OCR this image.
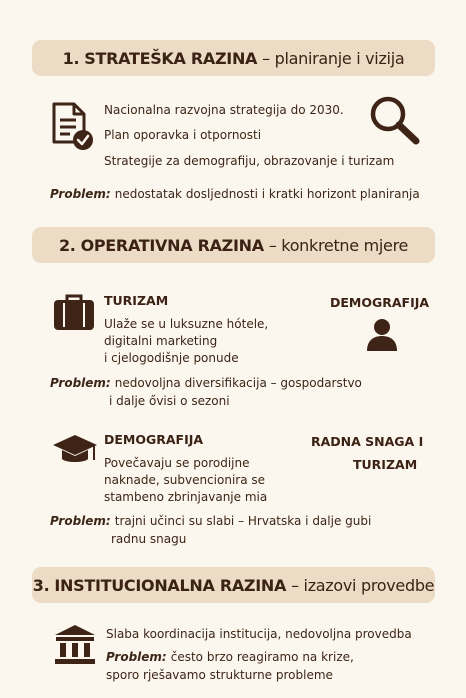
1. STRATEŠKA RAZINA – planiranje i vizija
Nacionalna razvojna strategija do 2030.
Plan oporavka i otpornosti
Strategije za demografiju, obrazovanje i turizam
Problem: nedostatak dosljednosti i kratki horizont planiranja
2. OPERATIVNA RAZINA – konkretne mjere
TURIZAM
Ulaže se u luksuzne hótele,
digitalni marketing
i cjelogodišnje ponude
DEMOGRAFIJA
Problem: nedovoljna diversifikacija – gospodarstvo
i dalje ővisi o sezoni
DEMOGRAFIJA
Povečavaju se porodijne
naknade, subvencionira se
stambeno zbrinjavanje mia
RADNA SNAGA I
TURIZAM
Problem: trajni učinci su slabi – Hrvatska i dalje gubi
radnu snagu
3. INSTITUCIONALNA RAZINA – izazovi provedbe
Slaba koordinacija institucija, nedovoljna provedba
Problem: često brzo reagiramo na krize,
sporo rješavamo strukturne probleme
